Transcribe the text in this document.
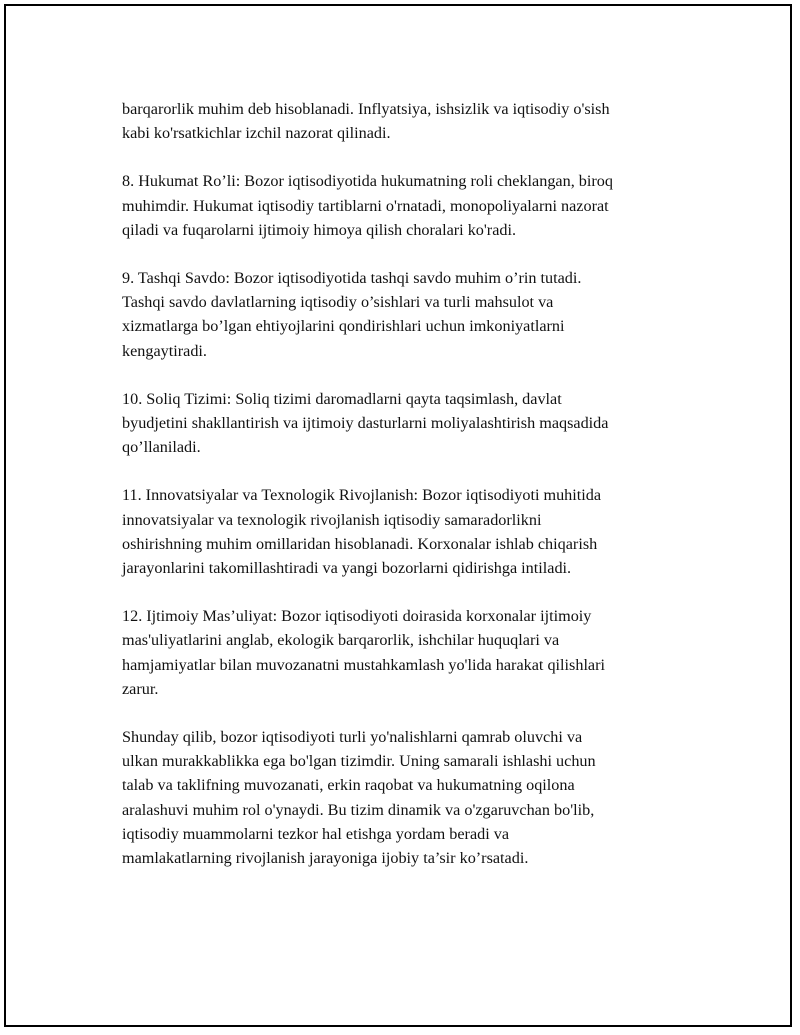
barqarorlik muhim deb hisoblanadi. Inflyatsiya, ishsizlik va iqtisodiy o'sish
kabi ko'rsatkichlar izchil nazorat qilinadi.

8. Hukumat Ro’li: Bozor iqtisodiyotida hukumatning roli cheklangan, biroq
muhimdir. Hukumat iqtisodiy tartiblarni o'rnatadi, monopoliyalarni nazorat
qiladi va fuqarolarni ijtimoiy himoya qilish choralari ko'radi.

9. Tashqi Savdo: Bozor iqtisodiyotida tashqi savdo muhim o’rin tutadi.
Tashqi savdo davlatlarning iqtisodiy o’sishlari va turli mahsulot va
xizmatlarga bo’lgan ehtiyojlarini qondirishlari uchun imkoniyatlarni
kengaytiradi.

10. Soliq Tizimi: Soliq tizimi daromadlarni qayta taqsimlash, davlat
byudjetini shakllantirish va ijtimoiy dasturlarni moliyalashtirish maqsadida
qo’llaniladi.

11. Innovatsiyalar va Texnologik Rivojlanish: Bozor iqtisodiyoti muhitida
innovatsiyalar va texnologik rivojlanish iqtisodiy samaradorlikni
oshirishning muhim omillaridan hisoblanadi. Korxonalar ishlab chiqarish
jarayonlarini takomillashtiradi va yangi bozorlarni qidirishga intiladi.

12. Ijtimoiy Mas’uliyat: Bozor iqtisodiyoti doirasida korxonalar ijtimoiy
mas'uliyatlarini anglab, ekologik barqarorlik, ishchilar huquqlari va
hamjamiyatlar bilan muvozanatni mustahkamlash yo'lida harakat qilishlari
zarur.

Shunday qilib, bozor iqtisodiyoti turli yo'nalishlarni qamrab oluvchi va
ulkan murakkablikka ega bo'lgan tizimdir. Uning samarali ishlashi uchun
talab va taklifning muvozanati, erkin raqobat va hukumatning oqilona
aralashuvi muhim rol o'ynaydi. Bu tizim dinamik va o'zgaruvchan bo'lib,
iqtisodiy muammolarni tezkor hal etishga yordam beradi va
mamlakatlarning rivojlanish jarayoniga ijobiy ta’sir ko’rsatadi.
